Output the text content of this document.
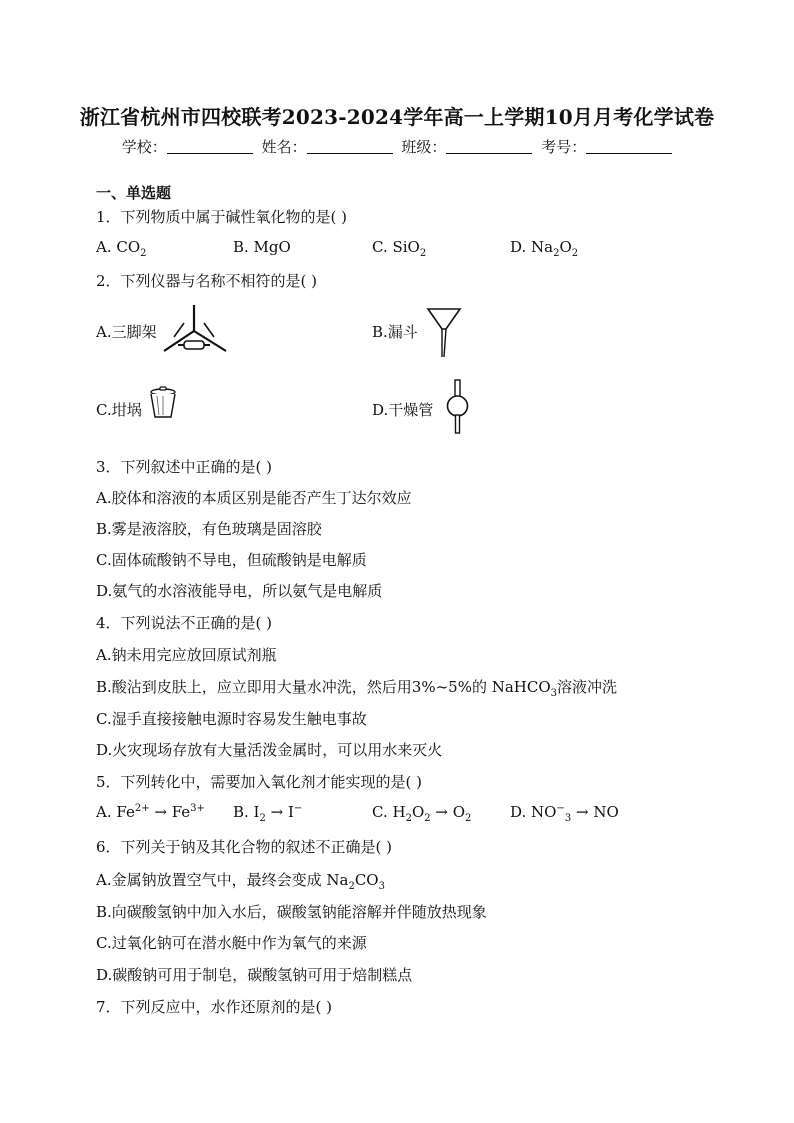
浙江省杭州市四校联考2023-2024学年高一上学期10月月考化学试卷
学校：	姓名：	班级：	考号：
一、单选题
1．下列物质中属于碱性氧化物的是( )
A. $CO_2$	B. MgO	C. SiO$_2$	D. $Na_2O_2$
2．下列仪器与名称不相符的是( )
A.三脚架	B.漏斗
C.坩埚	D.干燥管
3．下列叙述中正确的是( )
A.胶体和溶液的本质区别是能否产生丁达尔效应
B.雾是液溶胶，有色玻璃是固溶胶
C.固体硫酸钠不导电，但硫酸钠是电解质
D.氨气的水溶液能导电，所以氨气是电解质
4．下列说法不正确的是( )
A.钠未用完应放回原试剂瓶
B.酸沾到皮肤上，应立即用大量水冲洗，然后用3%~5%的 NaHCO$_3$溶液冲洗
C.湿手直接接触电源时容易发生触电事故
D.火灾现场存放有大量活泼金属时，可以用水来灭火
5．下列转化中，需要加入氧化剂才能实现的是( )
A. $Fe^{2+} \to Fe^{3+}$ B. $I_2 \to I^-$	C. $H_2O_2 \to O_2$	D. $NO^-_3$ → NO
6．下列关于钠及其化合物的叙述不正确是( )
A.金属钠放置空气中，最终会变成 $Na_2CO_3$
B.向碳酸氢钠中加入水后，碳酸氢钠能溶解并伴随放热现象
C.过氧化钠可在潜水艇中作为氧气的来源
D.碳酸钠可用于制皂，碳酸氢钠可用于焙制糕点
7．下列反应中，水作还原剂的是( )
